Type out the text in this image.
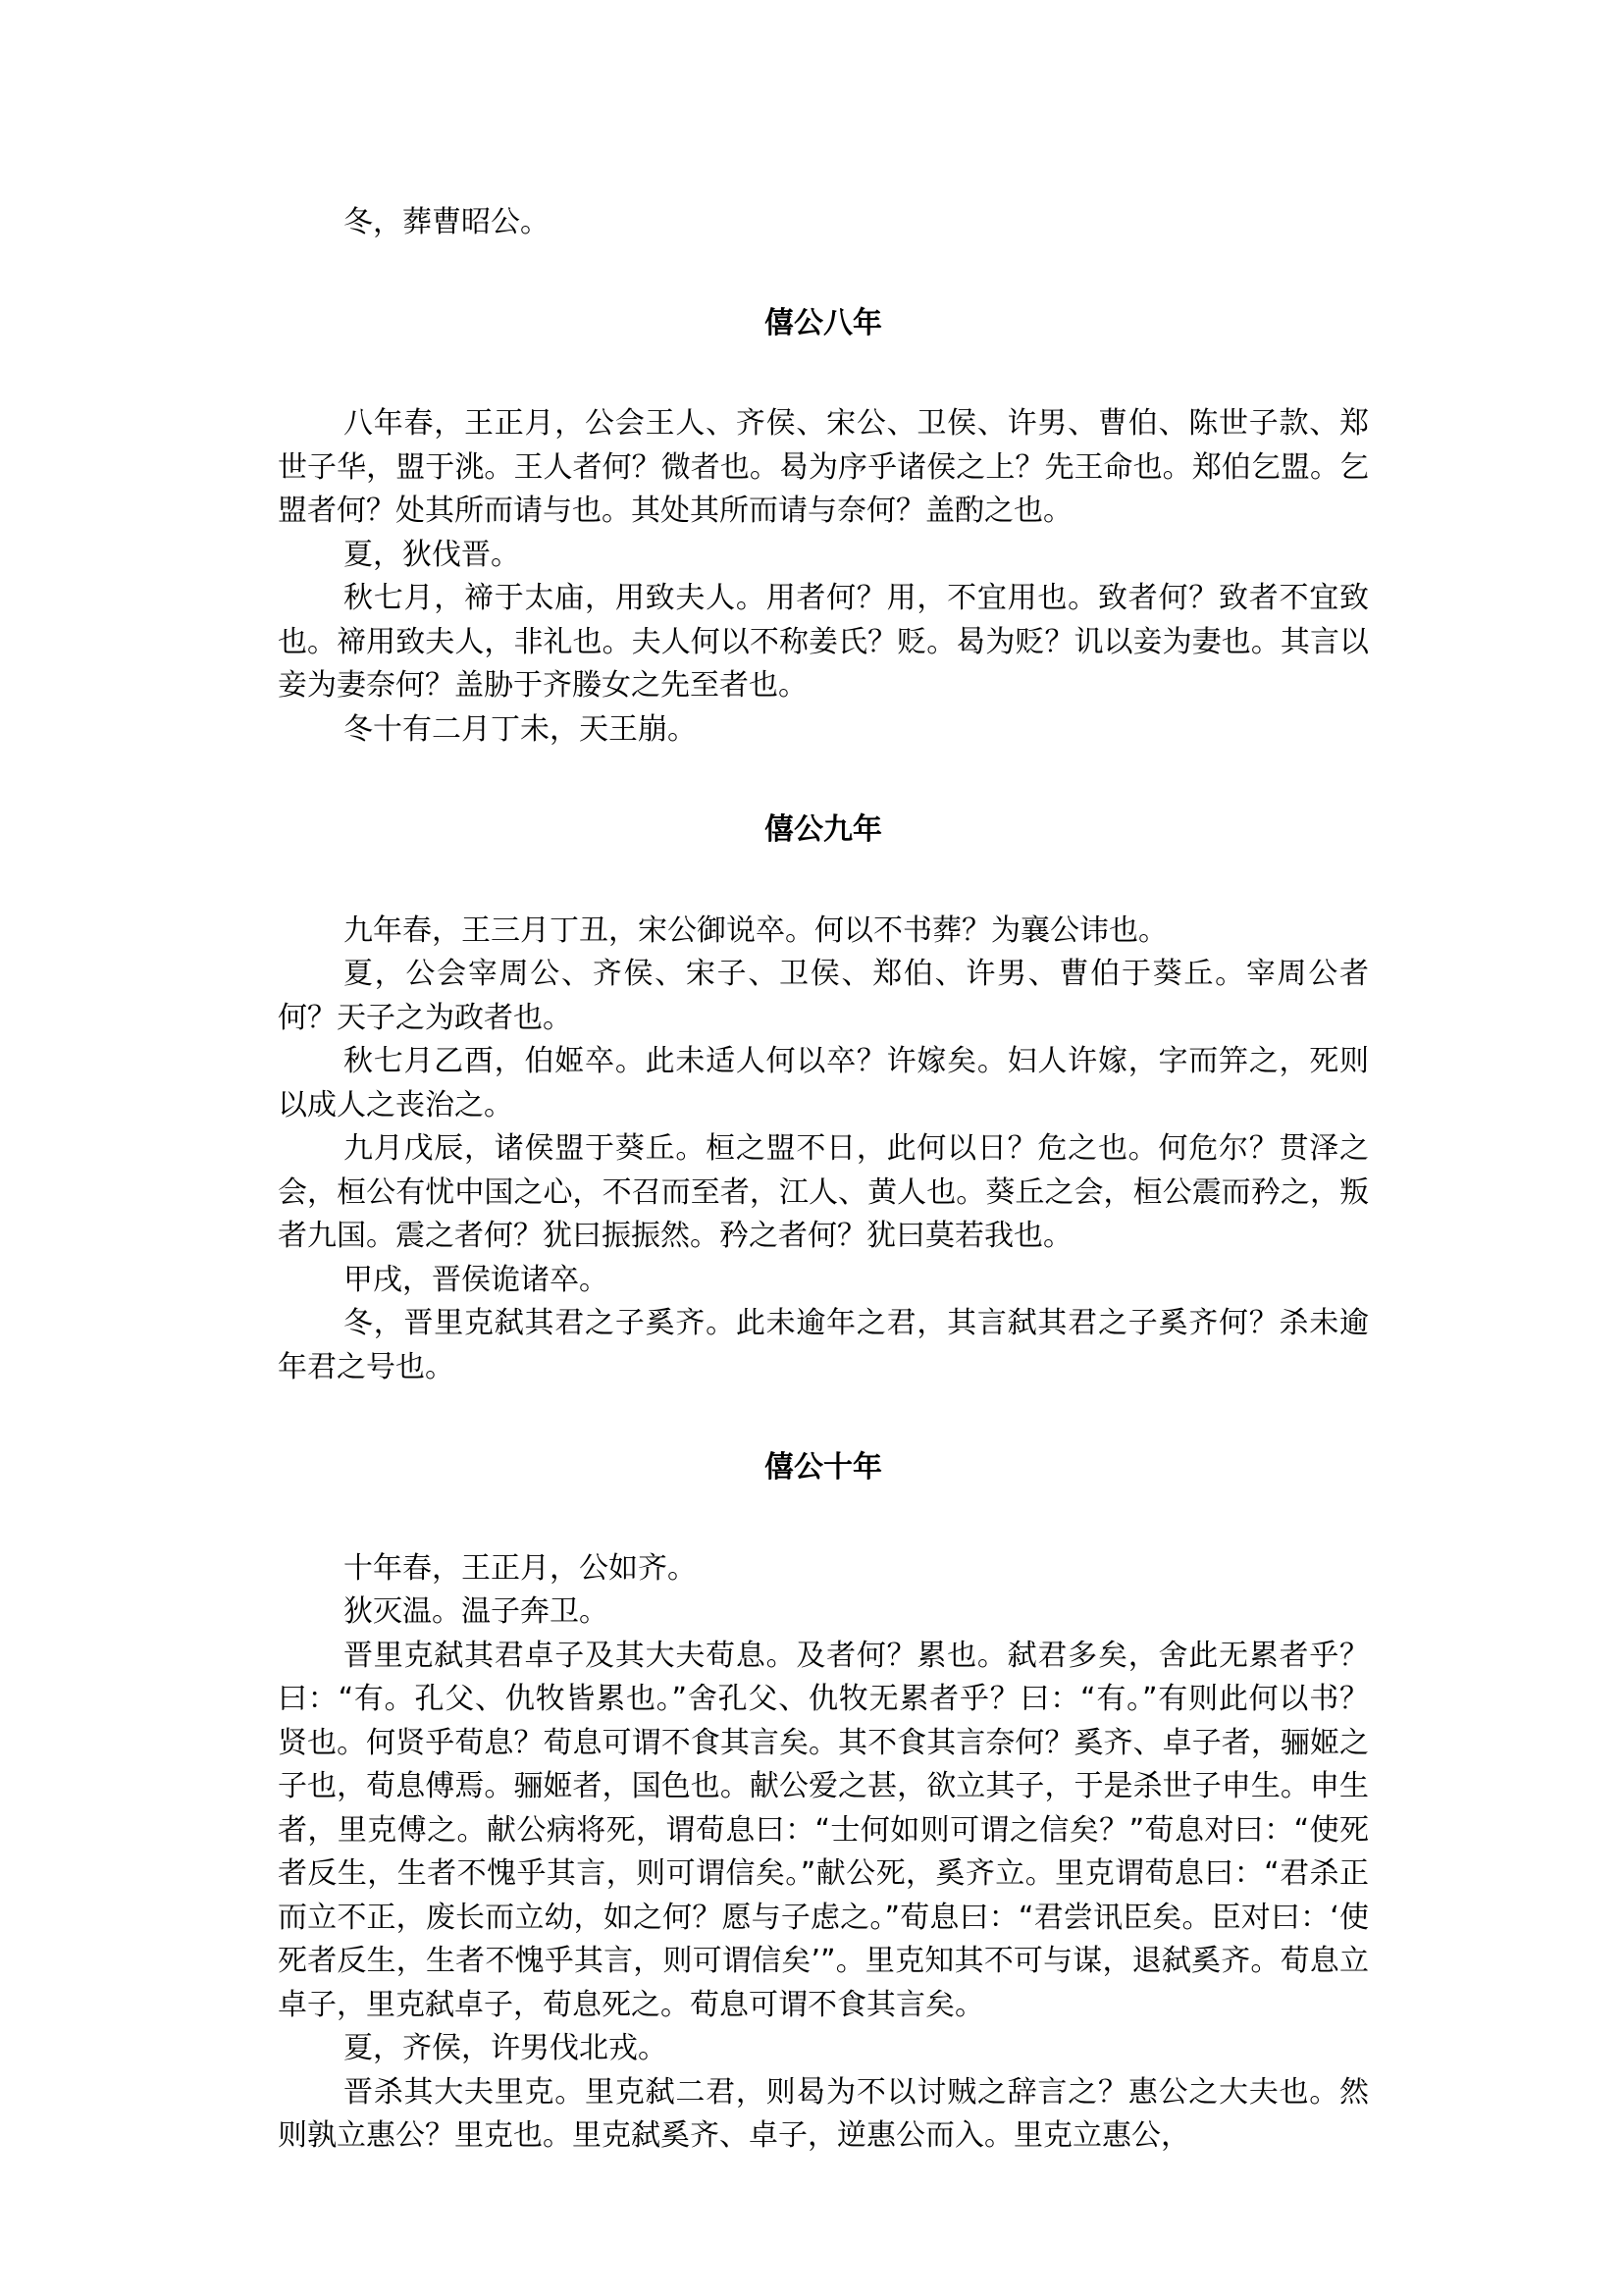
冬，葬曹昭公。

僖公八年

八年春，王正月，公会王人、齐侯、宋公、卫侯、许男、曹伯、陈世子款、郑世子华，盟于洮。王人者何？微者也。曷为序乎诸侯之上？先王命也。郑伯乞盟。乞盟者何？处其所而请与也。其处其所而请与奈何？盖酌之也。

夏，狄伐晋。

秋七月，禘于太庙，用致夫人。用者何？用，不宜用也。致者何？致者不宜致也。禘用致夫人，非礼也。夫人何以不称姜氏？贬。曷为贬？讥以妾为妻也。其言以妾为妻奈何？盖胁于齐媵女之先至者也。

冬十有二月丁未，天王崩。

僖公九年

九年春，王三月丁丑，宋公御说卒。何以不书葬？为襄公讳也。

夏，公会宰周公、齐侯、宋子、卫侯、郑伯、许男、曹伯于葵丘。宰周公者何？天子之为政者也。

秋七月乙酉，伯姬卒。此未适人何以卒？许嫁矣。妇人许嫁，字而笄之，死则以成人之丧治之。

九月戊辰，诸侯盟于葵丘。桓之盟不日，此何以日？危之也。何危尔？贯泽之会，桓公有忧中国之心，不召而至者，江人、黄人也。葵丘之会，桓公震而矜之，叛者九国。震之者何？犹曰振振然。矜之者何？犹曰莫若我也。

甲戌，晋侯诡诸卒。

冬，晋里克弑其君之子奚齐。此未逾年之君，其言弑其君之子奚齐何？杀未逾年君之号也。

僖公十年

十年春，王正月，公如齐。

狄灭温。温子奔卫。

晋里克弑其君卓子及其大夫荀息。及者何？累也。弑君多矣，舍此无累者乎？曰：“有。孔父、仇牧皆累也。”舍孔父、仇牧无累者乎？曰：“有。”有则此何以书？贤也。何贤乎荀息？荀息可谓不食其言矣。其不食其言奈何？奚齐、卓子者，骊姬之子也，荀息傅焉。骊姬者，国色也。献公爱之甚，欲立其子，于是杀世子申生。申生者，里克傅之。献公病将死，谓荀息曰：“士何如则可谓之信矣？”荀息对曰：“使死者反生，生者不愧乎其言，则可谓信矣。”献公死，奚齐立。里克谓荀息曰：“君杀正而立不正，废长而立幼，如之何？愿与子虑之。”荀息曰：“君尝讯臣矣。臣对曰：‘使死者反生，生者不愧乎其言，则可谓信矣’”。里克知其不可与谋，退弑奚齐。荀息立卓子，里克弑卓子，荀息死之。荀息可谓不食其言矣。

夏，齐侯，许男伐北戎。

晋杀其大夫里克。里克弑二君，则曷为不以讨贼之辞言之？惠公之大夫也。然则孰立惠公？里克也。里克弑奚齐、卓子，逆惠公而入。里克立惠公，
